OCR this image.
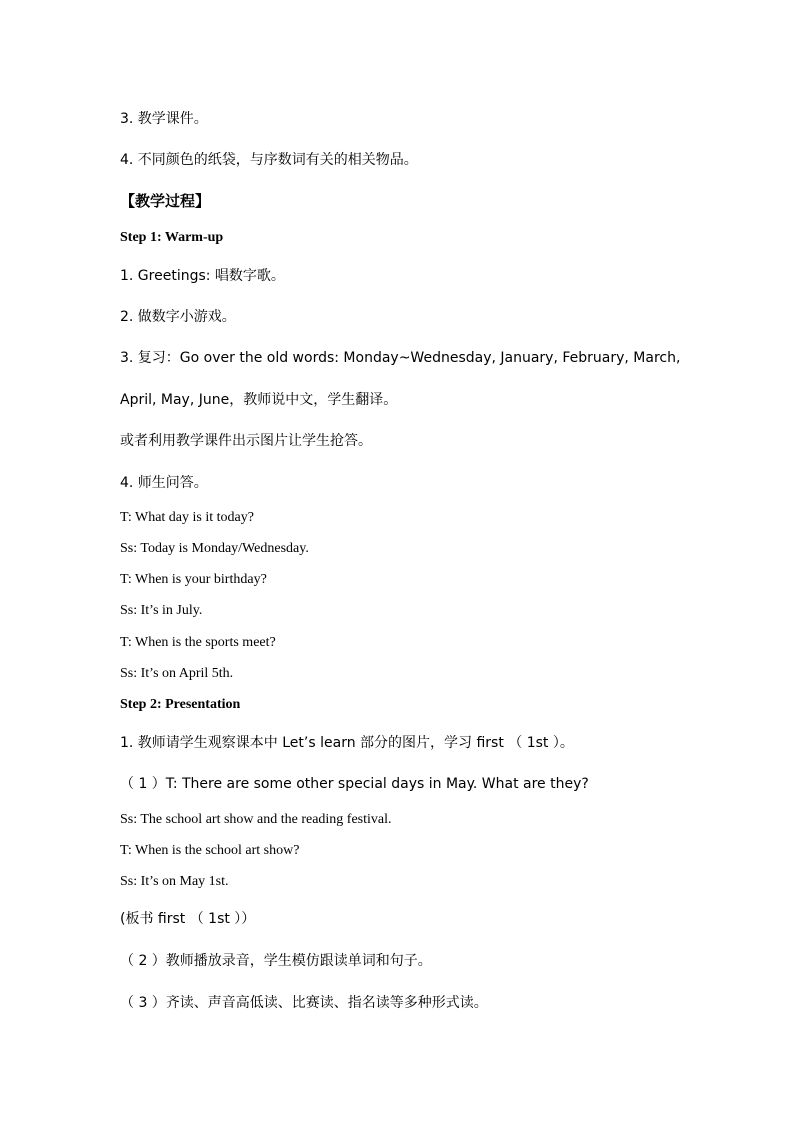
3. 教学课件。
4. 不同颜色的纸袋，与序数词有关的相关物品。
【教学过程】
Step 1: Warm-up
1. Greetings: 唱数字歌。
2. 做数字小游戏。
3. 复习：Go over the old words: Monday~Wednesday, January, February, March,
April, May, June，教师说中文，学生翻译。
或者利用教学课件出示图片让学生抢答。
4. 师生问答。
T: What day is it today?
Ss: Today is Monday/Wednesday.
T: When is your birthday?
Ss: It’s in July.
T: When is the sports meet?
Ss: It’s on April 5th.
Step 2: Presentation
1. 教师请学生观察课本中 Let’s learn 部分的图片，学习 first （ 1st ）。
（ 1 ）T: There are some other special days in May. What are they?
Ss: The school art show and the reading festival.
T: When is the school art show?
Ss: It’s on May 1st.
(板书 first （ 1st ））
（ 2 ）教师播放录音，学生模仿跟读单词和句子。
（ 3 ）齐读、声音高低读、比赛读、指名读等多种形式读。
